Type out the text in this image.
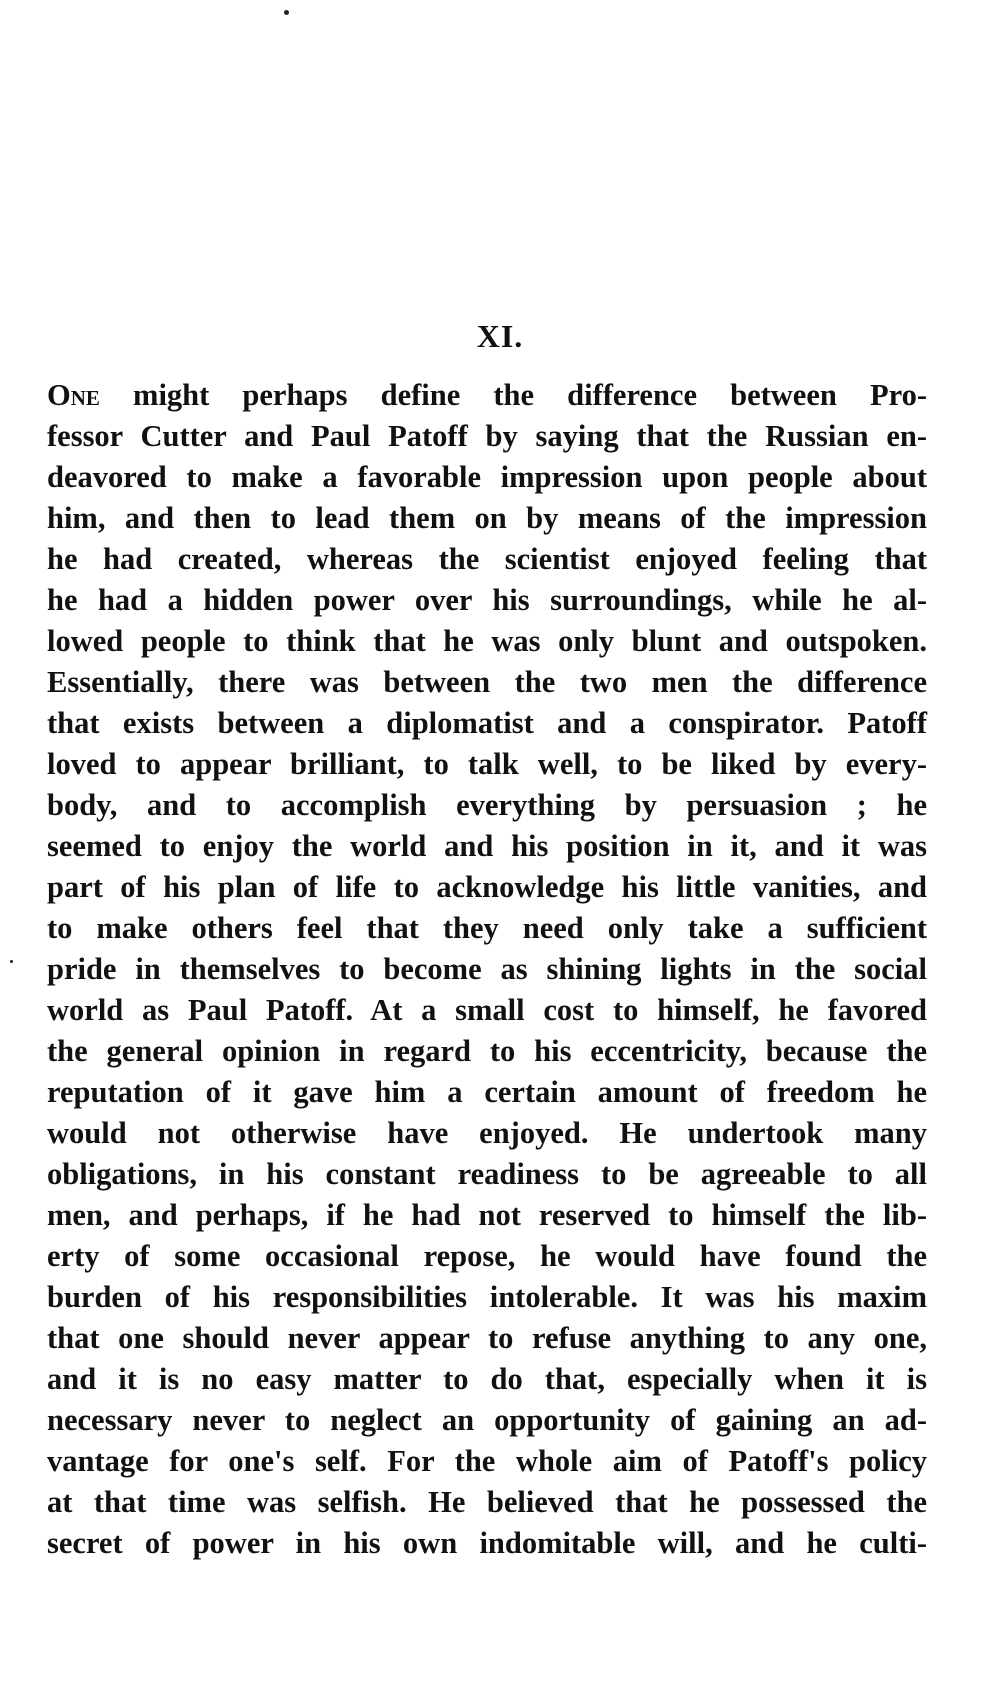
XI.
One might perhaps define the difference between Pro-
fessor Cutter and Paul Patoff by saying that the Russian en-
deavored to make a favorable impression upon people about
him, and then to lead them on by means of the impression
he had created, whereas the scientist enjoyed feeling that
he had a hidden power over his surroundings, while he al-
lowed people to think that he was only blunt and outspoken.
Essentially, there was between the two men the difference
that exists between a diplomatist and a conspirator. Patoff
loved to appear brilliant, to talk well, to be liked by every-
body, and to accomplish everything by persuasion ; he
seemed to enjoy the world and his position in it, and it was
part of his plan of life to acknowledge his little vanities, and
to make others feel that they need only take a sufficient
pride in themselves to become as shining lights in the social
world as Paul Patoff. At a small cost to himself, he favored
the general opinion in regard to his eccentricity, because the
reputation of it gave him a certain amount of freedom he
would not otherwise have enjoyed. He undertook many
obligations, in his constant readiness to be agreeable to all
men, and perhaps, if he had not reserved to himself the lib-
erty of some occasional repose, he would have found the
burden of his responsibilities intolerable. It was his maxim
that one should never appear to refuse anything to any one,
and it is no easy matter to do that, especially when it is
necessary never to neglect an opportunity of gaining an ad-
vantage for one's self. For the whole aim of Patoff's policy
at that time was selfish. He believed that he possessed the
secret of power in his own indomitable will, and he culti-
